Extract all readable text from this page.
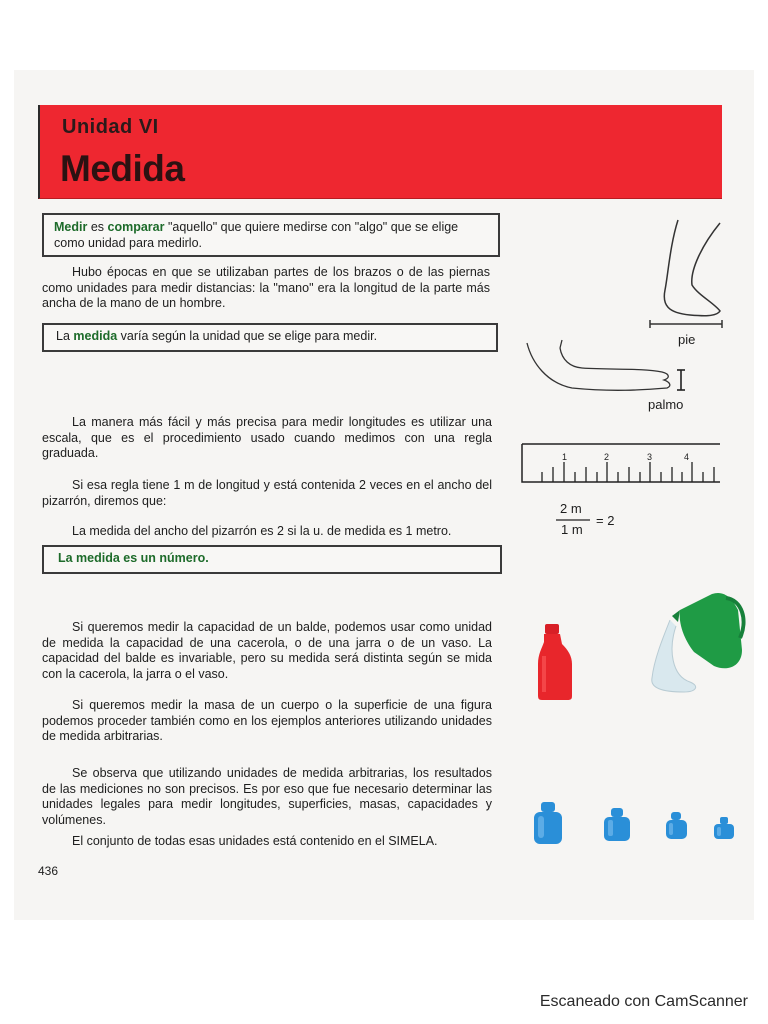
Unidad VI
Medida
Medir es comparar "aquello" que quiere medirse con "algo" que se elige como unidad para medirlo.
Hubo épocas en que se utilizaban partes de los brazos o de las piernas como unidades para medir distancias: la "mano" era la longitud de la parte más ancha de la mano de un hombre.
La medida varía según la unidad que se elige para medir.
La manera más fácil y más precisa para medir longitudes es utilizar una escala, que es el procedimiento usado cuando medimos con una regla graduada.
Si esa regla tiene 1 m de longitud y está contenida 2 veces en el ancho del pizarrón, diremos que:
La medida del ancho del pizarrón es 2 si la u. de medida es 1 metro.
La medida es un número.
Si queremos medir la capacidad de un balde, podemos usar como unidad de medida la capacidad de una cacerola, o de una jarra o de un vaso. La capacidad del balde es invariable, pero su medida será distinta según se mida con la cacerola, la jarra o el vaso.
Si queremos medir la masa de un cuerpo o la superficie de una figura podemos proceder también como en los ejemplos anteriores utilizando unidades de medida arbitrarias.
Se observa que utilizando unidades de medida arbitrarias, los resultados de las mediciones no son precisos. Es por eso que fue necesario determinar las unidades legales para medir longitudes, superficies, masas, capacidades y volúmenes.
El conjunto de todas esas unidades está contenido en el SIMELA.
436
pie
palmo
1	2	3	4
2 m
1 m
= 2
Escaneado con CamScanner
